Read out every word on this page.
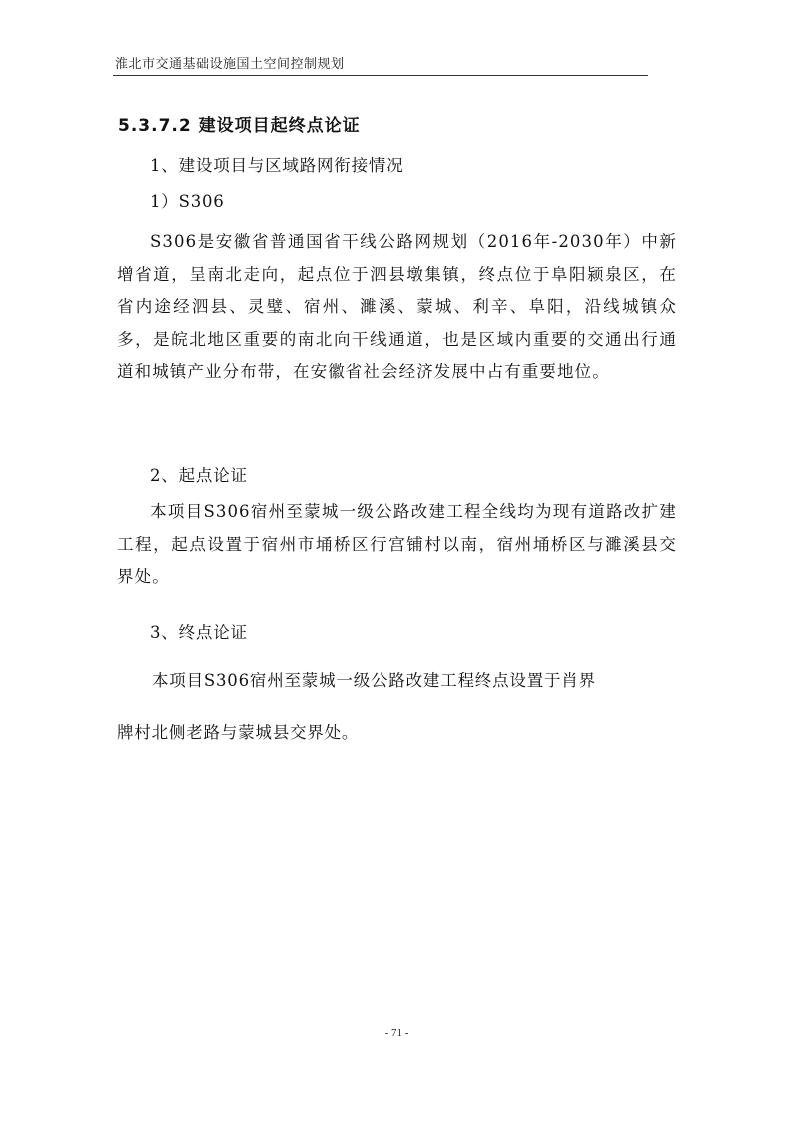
淮北市交通基础设施国土空间控制规划
5.3.7.2 建设项目起终点论证
1、建设项目与区域路网衔接情况
1）S306
S306是安徽省普通国省干线公路网规划（2016年-2030年）中新增省道，呈南北走向，起点位于泗县墩集镇，终点位于阜阳颍泉区，在省内途经泗县、灵璧、宿州、濉溪、蒙城、利辛、阜阳，沿线城镇众多，是皖北地区重要的南北向干线通道，也是区域内重要的交通出行通道和城镇产业分布带，在安徽省社会经济发展中占有重要地位。
2、起点论证
本项目S306宿州至蒙城一级公路改建工程全线均为现有道路改扩建工程，起点设置于宿州市埇桥区行宫铺村以南，宿州埇桥区与濉溪县交界处。
3、终点论证
本项目S306宿州至蒙城一级公路改建工程终点设置于肖界
牌村北侧老路与蒙城县交界处。
- 71 -
